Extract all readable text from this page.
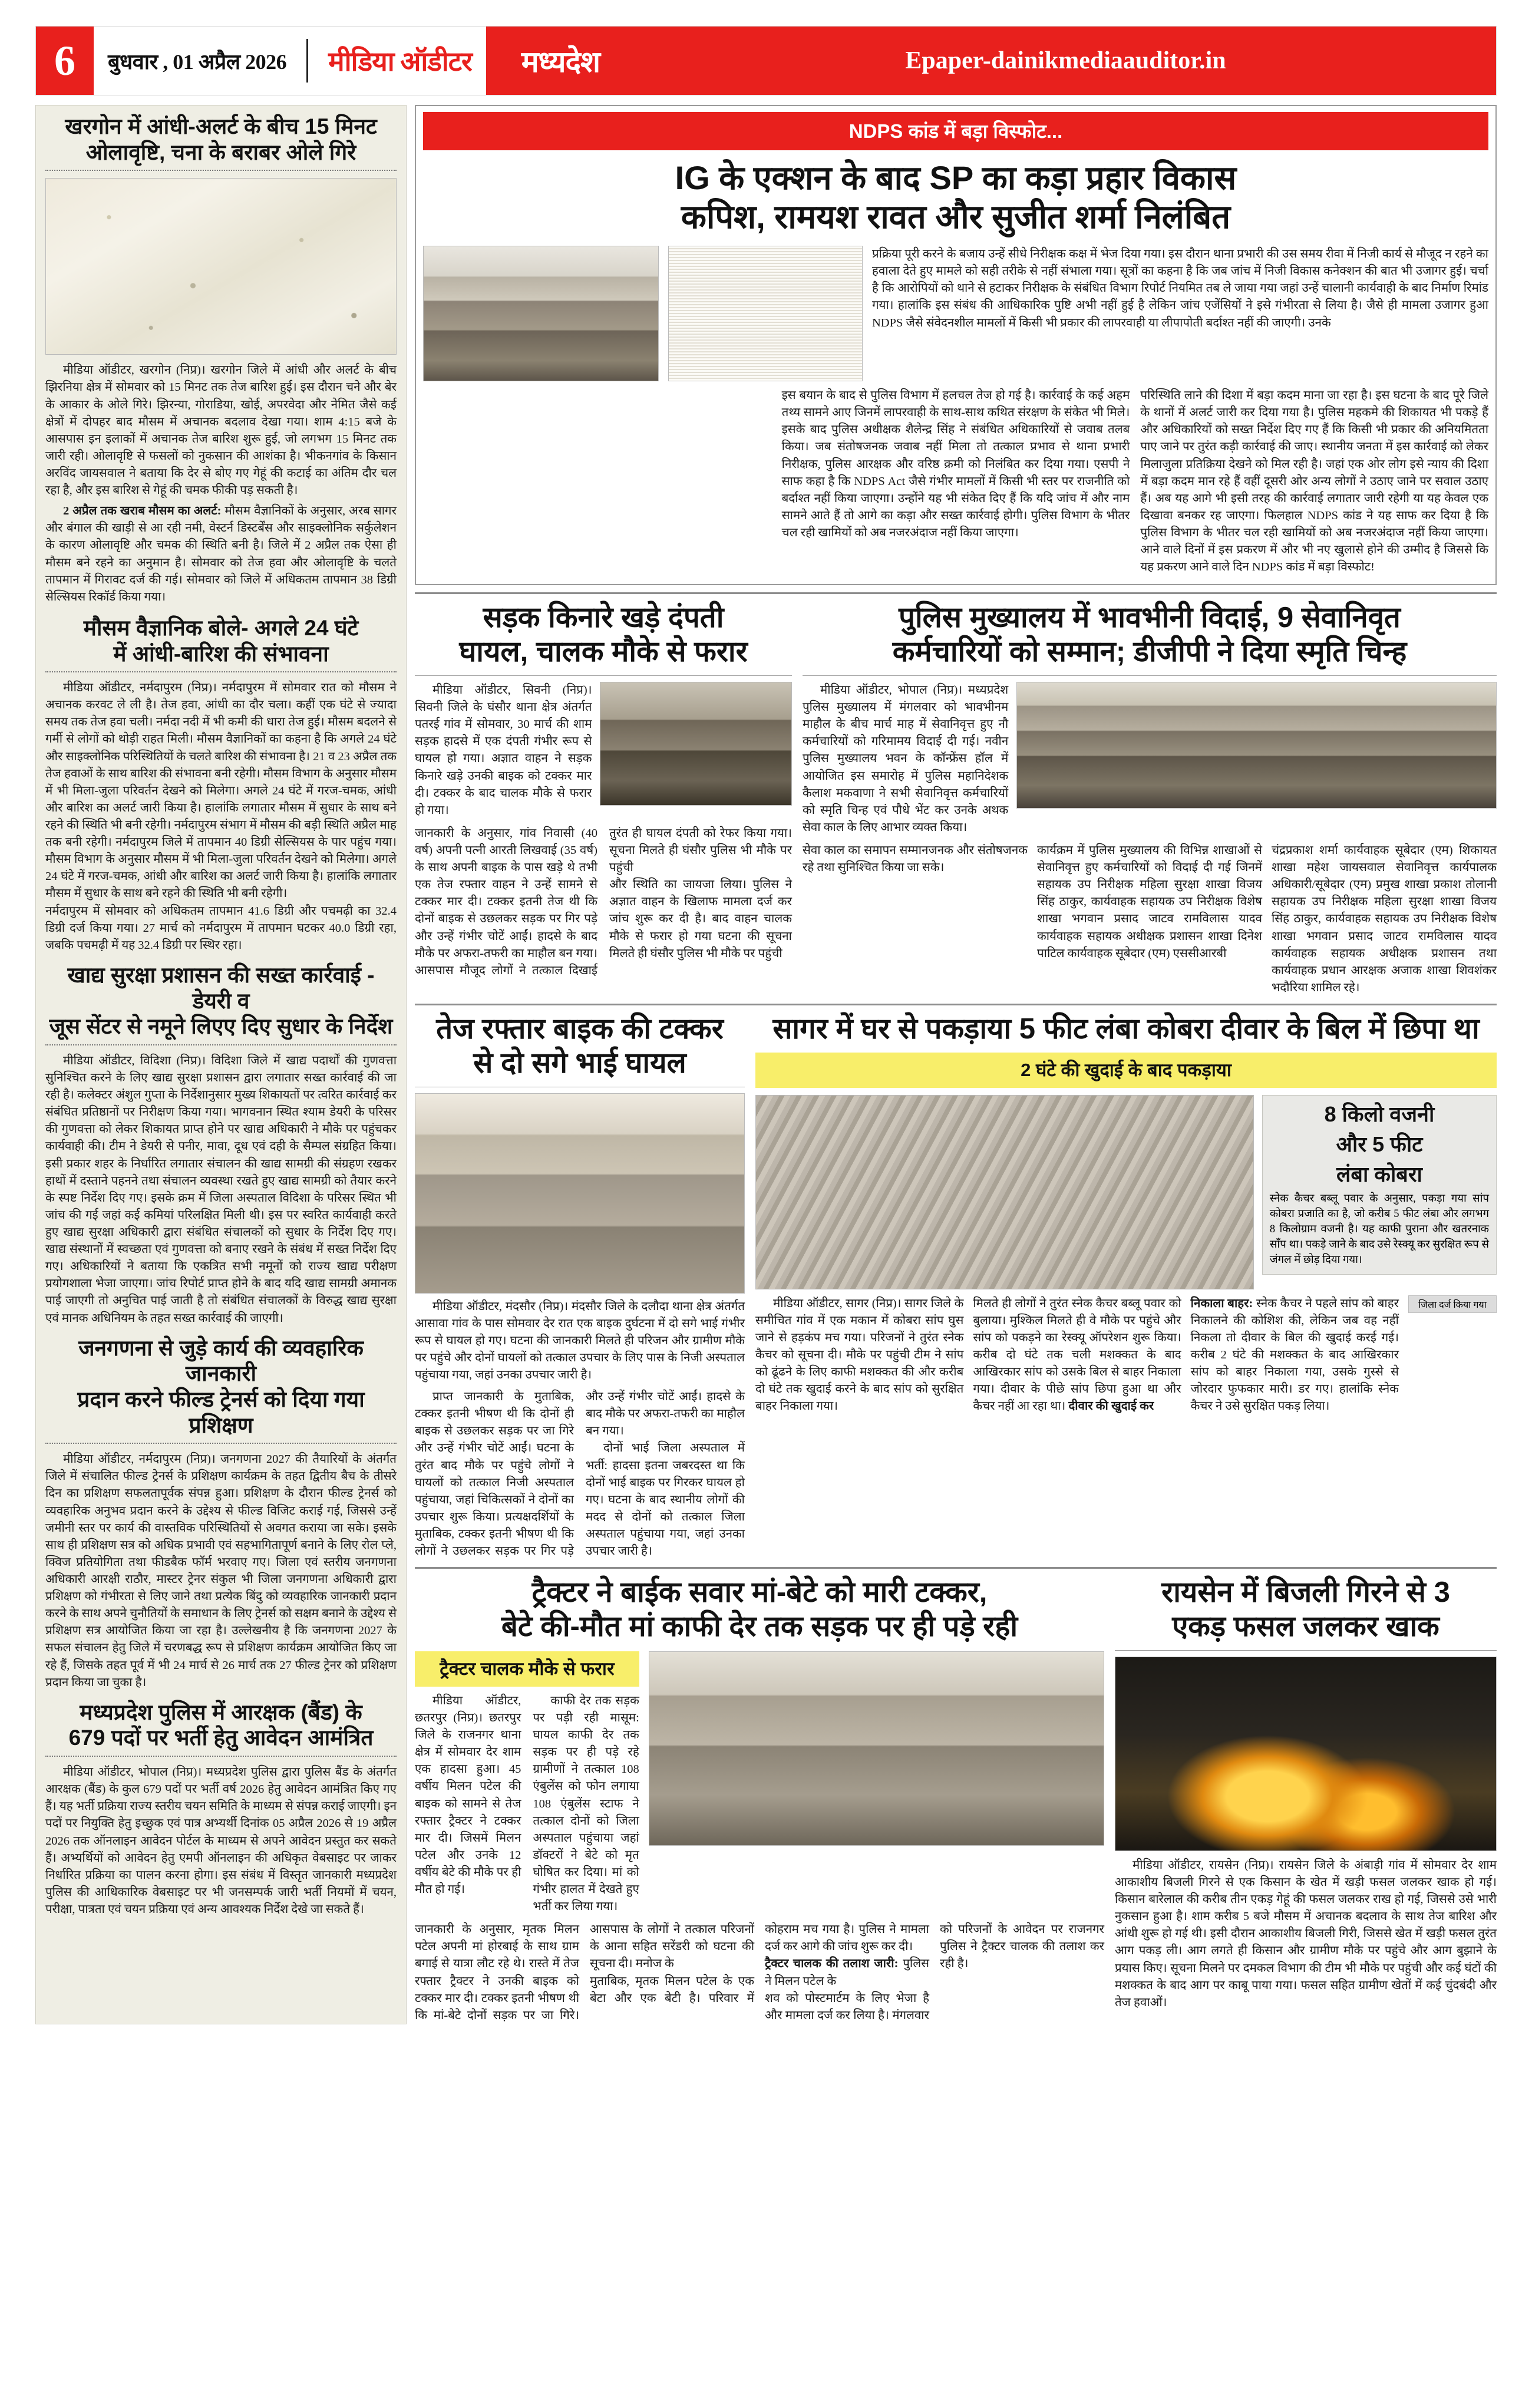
6	बुधवार , 01 अप्रैल 2026	मीडिया ऑडीटर	मध्यदेश	Epaper-dainikmediaauditor.in
खरगोन में आंधी-अलर्ट के बीच 15 मिनट
ओलावृष्टि, चना के बराबर ओले गिरे
मीडिया ऑडीटर, खरगोन (निप्र)। खरगोन जिले में आंधी और अलर्ट के बीच झिरनिया क्षेत्र में सोमवार को 15 मिनट तक तेज बारिश हुई। इस दौरान चने और बेर के आकार के ओले गिरे। झिरन्या, गोराडिया, खोई, अपरवेदा और नेमित जैसे कई क्षेत्रों में दोपहर बाद मौसम में अचानक बदलाव देखा गया। शाम 4:15 बजे के आसपास इन इलाकों में अचानक तेज बारिश शुरू हुई, जो लगभग 15 मिनट तक जारी रही। ओलावृष्टि से फसलों को नुकसान की आशंका है। भीकनगांव के किसान अरविंद जायसवाल ने बताया कि देर से बोए गए गेहूं की कटाई का अंतिम दौर चल रहा है, और इस बारिश से गेहूं की चमक फीकी पड़ सकती है।
2 अप्रैल तक खराब मौसम का अलर्ट: मौसम वैज्ञानिकों के अनुसार, अरब सागर और बंगाल की खाड़ी से आ रही नमी, वेस्टर्न डिस्टर्बेंस और साइक्लोनिक सर्कुलेशन के कारण ओलावृष्टि और चमक की स्थिति बनी है। जिले में 2 अप्रैल तक ऐसा ही मौसम बने रहने का अनुमान है। सोमवार को तेज हवा और ओलावृष्टि के चलते तापमान में गिरावट दर्ज की गई। सोमवार को जिले में अधिकतम तापमान 38 डिग्री सेल्सियस रिकॉर्ड किया गया।
मौसम वैज्ञानिक बोले- अगले 24 घंटे
में आंधी-बारिश की संभावना
मीडिया ऑडीटर, नर्मदापुरम (निप्र)। नर्मदापुरम में सोमवार रात को मौसम ने अचानक करवट ले ली है। तेज हवा, आंधी का दौर चला। कहीं एक घंटे से ज्यादा समय तक तेज हवा चली। नर्मदा नदी में भी कमी की धारा तेज हुई। मौसम बदलने से गर्मी से लोगों को थोड़ी राहत मिली। मौसम वैज्ञानिकों का कहना है कि अगले 24 घंटे और साइक्लोनिक परिस्थितियों के चलते बारिश की संभावना है। 21 व 23 अप्रैल तक तेज हवाओं के साथ बारिश की संभावना बनी रहेगी। मौसम विभाग के अनुसार मौसम में भी मिला-जुला परिवर्तन देखने को मिलेगा। अगले 24 घंटे में गरज-चमक, आंधी और बारिश का अलर्ट जारी किया है। हालांकि लगातार मौसम में सुधार के साथ बने रहने की स्थिति भी बनी रहेगी। नर्मदापुरम संभाग में मौसम की बड़ी स्थिति अप्रैल माह तक बनी रहेगी। नर्मदापुरम जिले में तापमान 40 डिग्री सेल्सियस के पार पहुंच गया। मौसम विभाग के अनुसार मौसम में भी मिला-जुला परिवर्तन देखने को मिलेगा। अगले 24 घंटे में गरज-चमक, आंधी और बारिश का अलर्ट जारी किया है। हालांकि लगातार मौसम में सुधार के साथ बने रहने की स्थिति भी बनी रहेगी।
नर्मदापुरम में सोमवार को अधिकतम तापमान 41.6 डिग्री और पचमढ़ी का 32.4 डिग्री दर्ज किया गया। 27 मार्च को नर्मदापुरम में तापमान घटकर 40.0 डिग्री रहा, जबकि पचमढ़ी में यह 32.4 डिग्री पर स्थिर रहा।
खाद्य सुरक्षा प्रशासन की सख्त कार्रवाई - डेयरी व
जूस सेंटर से नमूने लिएए दिए सुधार के निर्देश
मीडिया ऑडीटर, विदिशा (निप्र)। विदिशा जिले में खाद्य पदार्थों की गुणवत्ता सुनिश्चित करने के लिए खाद्य सुरक्षा प्रशासन द्वारा लगातार सख्त कार्रवाई की जा रही है। कलेक्टर अंशुल गुप्ता के निर्देशानुसार मुख्य शिकायतों पर त्वरित कार्रवाई कर संबंधित प्रतिष्ठानों पर निरीक्षण किया गया। भागवनान स्थित श्याम डेयरी के परिसर की गुणवत्ता को लेकर शिकायत प्राप्त होने पर खाद्य अधिकारी ने मौके पर पहुंचकर कार्यवाही की। टीम ने डेयरी से पनीर, मावा, दूध एवं दही के सैम्पल संग्रहित किया। इसी प्रकार शहर के निर्धारित लगातार संचालन की खाद्य सामग्री की संग्रहण रखकर हाथों में दस्ताने पहनने तथा संचालन व्यवस्था रखते हुए खाद्य सामग्री को तैयार करने के स्पष्ट निर्देश दिए गए। इसके क्रम में जिला अस्पताल विदिशा के परिसर स्थित भी जांच की गई जहां कई कमियां परिलक्षित मिली थी। इस पर स्वरित कार्यवाही करते हुए खाद्य सुरक्षा अधिकारी द्वारा संबंधित संचालकों को सुधार के निर्देश दिए गए। खाद्य संस्थानों में स्वच्छता एवं गुणवत्ता को बनाए रखने के संबंध में सख्त निर्देश दिए गए। अधिकारियों ने बताया कि एकत्रित सभी नमूनों को राज्य खाद्य परीक्षण प्रयोगशाला भेजा जाएगा। जांच रिपोर्ट प्राप्त होने के बाद यदि खाद्य सामग्री अमानक पाई जाएगी तो अनुचित पाई जाती है तो संबंधित संचालकों के विरुद्ध खाद्य सुरक्षा एवं मानक अधिनियम के तहत सख्त कार्रवाई की जाएगी।
जनगणना से जुड़े कार्य की व्यवहारिक जानकारी
प्रदान करने फील्ड ट्रेनर्स को दिया गया प्रशिक्षण
मीडिया ऑडीटर, नर्मदापुरम (निप्र)। जनगणना 2027 की तैयारियों के अंतर्गत जिले में संचालित फील्ड ट्रेनर्स के प्रशिक्षण कार्यक्रम के तहत द्वितीय बैच के तीसरे दिन का प्रशिक्षण सफलतापूर्वक संपन्न हुआ। प्रशिक्षण के दौरान फील्ड ट्रेनर्स को व्यवहारिक अनुभव प्रदान करने के उद्देश्य से फील्ड विजिट कराई गई, जिससे उन्हें जमीनी स्तर पर कार्य की वास्तविक परिस्थितियों से अवगत कराया जा सके। इसके साथ ही प्रशिक्षण सत्र को अधिक प्रभावी एवं सहभागितापूर्ण बनाने के लिए रोल प्ले, क्विज प्रतियोगिता तथा फीडबैक फॉर्म भरवाए गए। जिला एवं स्तरीय जनगणना अधिकारी आरक्षी राठौर, मास्टर ट्रेनर संकुल भी जिला जनगणना अधिकारी द्वारा प्रशिक्षण को गंभीरता से लिए जाने तथा प्रत्येक बिंदु को व्यवहारिक जानकारी प्रदान करने के साथ अपने चुनौतियों के समाधान के लिए ट्रेनर्स को सक्षम बनाने के उद्देश्य से प्रशिक्षण सत्र आयोजित किया जा रहा है। उल्लेखनीय है कि जनगणना 2027 के सफल संचालन हेतु जिले में चरणबद्ध रूप से प्रशिक्षण कार्यक्रम आयोजित किए जा रहे हैं, जिसके तहत पूर्व में भी 24 मार्च से 26 मार्च तक 27 फील्ड ट्रेनर को प्रशिक्षण प्रदान किया जा चुका है।
मध्यप्रदेश पुलिस में आरक्षक (बैंड) के
679 पदों पर भर्ती हेतु आवेदन आमंत्रित
मीडिया ऑडीटर, भोपाल (निप्र)। मध्यप्रदेश पुलिस द्वारा पुलिस बैंड के अंतर्गत आरक्षक (बैंड) के कुल 679 पदों पर भर्ती वर्ष 2026 हेतु आवेदन आमंत्रित किए गए हैं। यह भर्ती प्रक्रिया राज्य स्तरीय चयन समिति के माध्यम से संपन्न कराई जाएगी। इन पदों पर नियुक्ति हेतु इच्छुक एवं पात्र अभ्यर्थी दिनांक 05 अप्रैल 2026 से 19 अप्रैल 2026 तक ऑनलाइन आवेदन पोर्टल के माध्यम से अपने आवेदन प्रस्तुत कर सकते हैं। अभ्यर्थियों को आवेदन हेतु एमपी ऑनलाइन की अधिकृत वेबसाइट पर जाकर निर्धारित प्रक्रिया का पालन करना होगा। इस संबंध में विस्तृत जानकारी मध्यप्रदेश पुलिस की आधिकारिक वेबसाइट पर भी जनसम्पर्क जारी भर्ती नियमों में चयन, परीक्षा, पात्रता एवं चयन प्रक्रिया एवं अन्य आवश्यक निर्देश देखे जा सकते हैं।
NDPS कांड में बड़ा विस्फोट...
IG के एक्शन के बाद SP का कड़ा प्रहार विकास
कपिश, रामयश रावत और सुजीत शर्मा निलंबित
प्रक्रिया पूरी करने के बजाय उन्हें सीधे निरीक्षक कक्ष में भेज दिया गया। इस दौरान थाना प्रभारी की उस समय रीवा में निजी कार्य से मौजूद न रहने का हवाला देते हुए मामले को सही तरीके से नहीं संभाला गया। सूत्रों का कहना है कि जब जांच में निजी विकास कनेक्शन की बात भी उजागर हुई। चर्चा है कि आरोपियों को थाने से हटाकर निरीक्षक के संबंधित विभाग रिपोर्ट नियमित तब ले जाया गया जहां उन्हें चालानी कार्यवाही के बाद निर्माण रिमांड गया। हालांकि इस संबंध की आधिकारिक पुष्टि अभी नहीं हुई है लेकिन जांच एजेंसियों ने इसे गंभीरता से लिया है। जैसे ही मामला उजागर हुआ NDPS जैसे संवेदनशील मामलों में किसी भी प्रकार की लापरवाही या लीपापोती बर्दाश्त नहीं की जाएगी। उनके
इस बयान के बाद से पुलिस विभाग में हलचल तेज हो गई है। कार्रवाई के कई अहम तथ्य सामने आए जिनमें लापरवाही के साथ-साथ कथित संरक्षण के संकेत भी मिले। इसके बाद पुलिस अधीक्षक शैलेन्द्र सिंह ने संबंधित अधिकारियों से जवाब तलब किया। जब संतोषजनक जवाब नहीं मिला तो तत्काल प्रभाव से थाना प्रभारी निरीक्षक, पुलिस आरक्षक और वरिष्ठ क्रमी को निलंबित कर दिया गया। एसपी ने साफ कहा है कि NDPS Act जैसे गंभीर मामलों में किसी भी स्तर पर राजनीति को बर्दाश्त नहीं किया जाएगा। उन्होंने यह भी संकेत दिए हैं कि यदि जांच में और नाम सामने आते हैं तो आगे का कड़ा और सख्त कार्रवाई होगी। पुलिस विभाग के भीतर चल रही खामियों को अब नजरअंदाज नहीं किया जाएगा।
परिस्थिति लाने की दिशा में बड़ा कदम माना जा रहा है। इस घटना के बाद पूरे जिले के थानों में अलर्ट जारी कर दिया गया है। पुलिस महकमे की शिकायत भी पकड़े हैं और अधिकारियों को सख्त निर्देश दिए गए हैं कि किसी भी प्रकार की अनियमितता पाए जाने पर तुरंत कड़ी कार्रवाई की जाए। स्थानीय जनता में इस कार्रवाई को लेकर मिलाजुला प्रतिक्रिया देखने को मिल रही है। जहां एक ओर लोग इसे न्याय की दिशा में बड़ा कदम मान रहे हैं वहीं दूसरी ओर अन्य लोगों ने उठाए जाने पर सवाल उठाए हैं। अब यह आगे भी इसी तरह की कार्रवाई लगातार जारी रहेगी या यह केवल एक दिखावा बनकर रह जाएगा। फिलहाल NDPS कांड ने यह साफ कर दिया है कि पुलिस विभाग के भीतर चल रही खामियों को अब नजरअंदाज नहीं किया जाएगा। आने वाले दिनों में इस प्रकरण में और भी नए खुलासे होने की उम्मीद है जिससे कि यह प्रकरण आने वाले दिन NDPS कांड में बड़ा विस्फोट!
सड़क किनारे खड़े दंपती
घायल, चालक मौके से फरार
मीडिया ऑडीटर, सिवनी (निप्र)। सिवनी जिले के घंसौर थाना क्षेत्र अंतर्गत पतरई गांव में सोमवार, 30 मार्च की शाम सड़क हादसे में एक दंपती गंभीर रूप से घायल हो गया। अज्ञात वाहन ने सड़क किनारे खड़े उनकी बाइक को टक्कर मार दी। टक्कर के बाद चालक मौके से फरार हो गया।
जानकारी के अनुसार, गांव निवासी (40 वर्ष) अपनी पत्नी आरती लिखवाई (35 वर्ष) के साथ अपनी बाइक के पास खड़े थे तभी एक तेज रफ्तार वाहन ने उन्हें सामने से टक्कर मार दी। टक्कर इतनी तेज थी कि दोनों बाइक से उछलकर सड़क पर गिर पड़े और उन्हें गंभीर चोटें आईं। हादसे के बाद मौके पर अफरा-तफरी का माहौल बन गया। आसपास मौजूद लोगों ने तत्काल दिखाई तुरंत ही घायल दंपती को रेफर किया गया। सूचना मिलते ही घंसौर पुलिस भी मौके पर पहुंची
और स्थिति का जायजा लिया। पुलिस ने अज्ञात वाहन के खिलाफ मामला दर्ज कर जांच शुरू कर दी है। बाद वाहन चालक मौके से फरार हो गया घटना की सूचना मिलते ही घंसौर पुलिस भी मौके पर पहुंची
पुलिस मुख्यालय में भावभीनी विदाई, 9 सेवानिवृत
कर्मचारियों को सम्मान; डीजीपी ने दिया स्मृति चिन्ह
मीडिया ऑडीटर, भोपाल (निप्र)। मध्यप्रदेश पुलिस मुख्यालय में मंगलवार को भावभीनम माहौल के बीच मार्च माह में सेवानिवृत्त हुए नौ कर्मचारियों को गरिमामय विदाई दी गई। नवीन पुलिस मुख्यालय भवन के कॉन्फ्रेंस हॉल में आयोजित इस समारोह में पुलिस महानिदेशक कैलाश मकवाणा ने सभी सेवानिवृत्त कर्मचारियों को स्मृति चिन्ह एवं पौधे भेंट कर उनके अथक सेवा काल के लिए आभार व्यक्त किया।
सेवा काल का समापन सम्मानजनक और संतोषजनक रहे तथा सुनिश्चित किया जा सके।
कार्यक्रम में पुलिस मुख्यालय की विभिन्न शाखाओं से सेवानिवृत्त हुए कर्मचारियों को विदाई दी गई जिनमें सहायक उप निरीक्षक महिला सुरक्षा शाखा विजय सिंह ठाकुर, कार्यवाहक सहायक उप निरीक्षक विशेष शाखा भगवान प्रसाद जाटव रामविलास यादव कार्यवाहक सहायक अधीक्षक प्रशासन शाखा दिनेश पाटिल कार्यवाहक सूबेदार (एम) एससीआरबी
चंद्रप्रकाश शर्मा कार्यवाहक सूबेदार (एम) शिकायत शाखा महेश जायसवाल सेवानिवृत्त कार्यपालक अधिकारी/सूबेदार (एम) प्रमुख शाखा प्रकाश तोलानी सहायक उप निरीक्षक महिला सुरक्षा शाखा विजय सिंह ठाकुर, कार्यवाहक सहायक उप निरीक्षक विशेष शाखा भगवान प्रसाद जाटव रामविलास यादव कार्यवाहक सहायक अधीक्षक प्रशासन तथा कार्यवाहक प्रधान आरक्षक अजाक शाखा शिवशंकर भदौरिया शामिल रहे।
तेज रफ्तार बाइक की टक्कर
से दो सगे भाई घायल
मीडिया ऑडीटर, मंदसौर (निप्र)। मंदसौर जिले के दलौदा थाना क्षेत्र अंतर्गत आसावा गांव के पास सोमवार देर रात एक बाइक दुर्घटना में दो सगे भाई गंभीर रूप से घायल हो गए। घटना की जानकारी मिलते ही परिजन और ग्रामीण मौके पर पहुंचे और दोनों घायलों को तत्काल उपचार के लिए पास के निजी अस्पताल पहुंचाया गया, जहां उनका उपचार जारी है।
प्राप्त जानकारी के मुताबिक, टक्कर इतनी भीषण थी कि दोनों ही बाइक से उछलकर सड़क पर जा गिरे और उन्हें गंभीर चोटें आईं। घटना के तुरंत बाद मौके पर पहुंचे लोगों ने घायलों को तत्काल निजी अस्पताल पहुंचाया, जहां चिकित्सकों ने दोनों का उपचार शुरू किया। प्रत्यक्षदर्शियों के मुताबिक, टक्कर इतनी भीषण थी कि लोगों ने उछलकर सड़क पर गिर पड़े और उन्हें गंभीर चोटें आईं। हादसे के बाद मौके पर अफरा-तफरी का माहौल बन गया।
दोनों भाई जिला अस्पताल में भर्ती: हादसा इतना जबरदस्त था कि दोनों भाई बाइक पर गिरकर घायल हो गए। घटना के बाद स्थानीय लोगों की मदद से दोनों को तत्काल जिला अस्पताल पहुंचाया गया, जहां उनका उपचार जारी है।
सागर में घर से पकड़ाया 5 फीट लंबा कोबरा दीवार के बिल में छिपा था
2 घंटे की खुदाई के बाद पकड़ाया
8 किलो वजनी
और 5 फीट
लंबा कोबरा
स्नेक कैचर बब्लू पवार के अनुसार, पकड़ा गया सांप कोबरा प्रजाति का है, जो करीब 5 फीट लंबा और लगभग 8 किलोग्राम वजनी है। यह काफी पुराना और खतरनाक साँप था। पकड़े जाने के बाद उसे रेस्क्यू कर सुरक्षित रूप से जंगल में छोड़ दिया गया।
मीडिया ऑडीटर, सागर (निप्र)। सागर जिले के समीचित गांव में एक मकान में कोबरा सांप घुस जाने से हड़कंप मच गया। परिजनों ने तुरंत स्नेक कैचर को सूचना दी। मौके पर पहुंची टीम ने सांप को ढूंढने के लिए काफी मशक्कत की और करीब दो घंटे तक खुदाई करने के बाद सांप को सुरक्षित बाहर निकाला गया।
मिलते ही लोगों ने तुरंत स्नेक कैचर बब्लू पवार को बुलाया। मुश्किल मिलते ही वे मौके पर पहुंचे और सांप को पकड़ने का रेस्क्यू ऑपरेशन शुरू किया। करीब दो घंटे तक चली मशक्कत के बाद आखिरकार सांप को उसके बिल से बाहर निकाला गया। दीवार के पीछे सांप छिपा हुआ था और कैचर नहीं आ रहा था। दीवार की खुदाई कर
निकाला बाहर: स्नेक कैचर ने पहले सांप को बाहर निकालने की कोशिश की, लेकिन जब वह नहीं निकला तो दीवार के बिल की खुदाई करई गई। करीब 2 घंटे की मशक्कत के बाद आखिरकार सांप को बाहर निकाला गया, उसके गुस्से से जोरदार फुफकार मारी। डर गए। हालांकि स्नेक कैचर ने उसे सुरक्षित पकड़ लिया।
जिला दर्ज किया गया
ट्रैक्टर ने बाईक सवार मां-बेटे को मारी टक्कर,
बेटे की-मौत मां काफी देर तक सड़क पर ही पड़े रही
ट्रैक्टर चालक मौके से फरार
मीडिया ऑडीटर, छतरपुर (निप्र)। छतरपुर जिले के राजनगर थाना क्षेत्र में सोमवार देर शाम एक हादसा हुआ। 45 वर्षीय मिलन पटेल की बाइक को सामने से तेज रफ्तार ट्रैक्टर ने टक्कर मार दी। जिसमें मिलन पटेल और उनके 12 वर्षीय बेटे की मौके पर ही मौत हो गई।
काफी देर तक सड़क पर पड़ी रही मासूम: घायल काफी देर तक सड़क पर ही पड़े रहे ग्रामीणों ने तत्काल 108 एंबुलेंस को फोन लगाया 108 एंबुलेंस स्टाफ ने तत्काल दोनों को जिला अस्पताल पहुंचाया जहां डॉक्टरों ने बेटे को मृत घोषित कर दिया। मां को गंभीर हालत में देखते हुए भर्ती कर लिया गया।
जानकारी के अनुसार, मृतक मिलन पटेल अपनी मां होरबाई के साथ ग्राम बगाई से यात्रा लौट रहे थे। रास्ते में तेज रफ्तार ट्रैक्टर ने उनकी बाइक को टक्कर मार दी। टक्कर इतनी भीषण थी कि मां-बेटे दोनों सड़क पर जा गिरे। आसपास के लोगों ने तत्काल परिजनों के आना सहित सरेंडरी को घटना की सूचना दी। मनोज के
मुताबिक, मृतक मिलन पटेल के एक बेटा और एक बेटी है। परिवार में कोहराम मच गया है। पुलिस ने मामला दर्ज कर आगे की जांच शुरू कर दी।
ट्रैक्टर चालक की तलाश जारी: पुलिस ने मिलन पटेल के
शव को पोस्टमार्टम के लिए भेजा है और मामला दर्ज कर लिया है। मंगलवार को परिजनों के आवेदन पर राजनगर पुलिस ने ट्रैक्टर चालक की तलाश कर रही है।
रायसेन में बिजली गिरने से 3
एकड़ फसल जलकर खाक
मीडिया ऑडीटर, रायसेन (निप्र)। रायसेन जिले के अंबाड़ी गांव में सोमवार देर शाम आकाशीय बिजली गिरने से एक किसान के खेत में खड़ी फसल जलकर खाक हो गई। किसान बारेलाल की करीब तीन एकड़ गेहूं की फसल जलकर राख हो गई, जिससे उसे भारी नुकसान हुआ है। शाम करीब 5 बजे मौसम में अचानक बदलाव के साथ तेज बारिश और आंधी शुरू हो गई थी। इसी दौरान आकाशीय बिजली गिरी, जिससे खेत में खड़ी फसल तुरंत आग पकड़ ली। आग लगते ही किसान और ग्रामीण मौके पर पहुंचे और आग बुझाने के प्रयास किए। सूचना मिलने पर दमकल विभाग की टीम भी मौके पर पहुंची और कई घंटों की मशक्कत के बाद आग पर काबू पाया गया। फसल सहित ग्रामीण खेतों में कई चुंदबंदी और तेज हवाओं।
